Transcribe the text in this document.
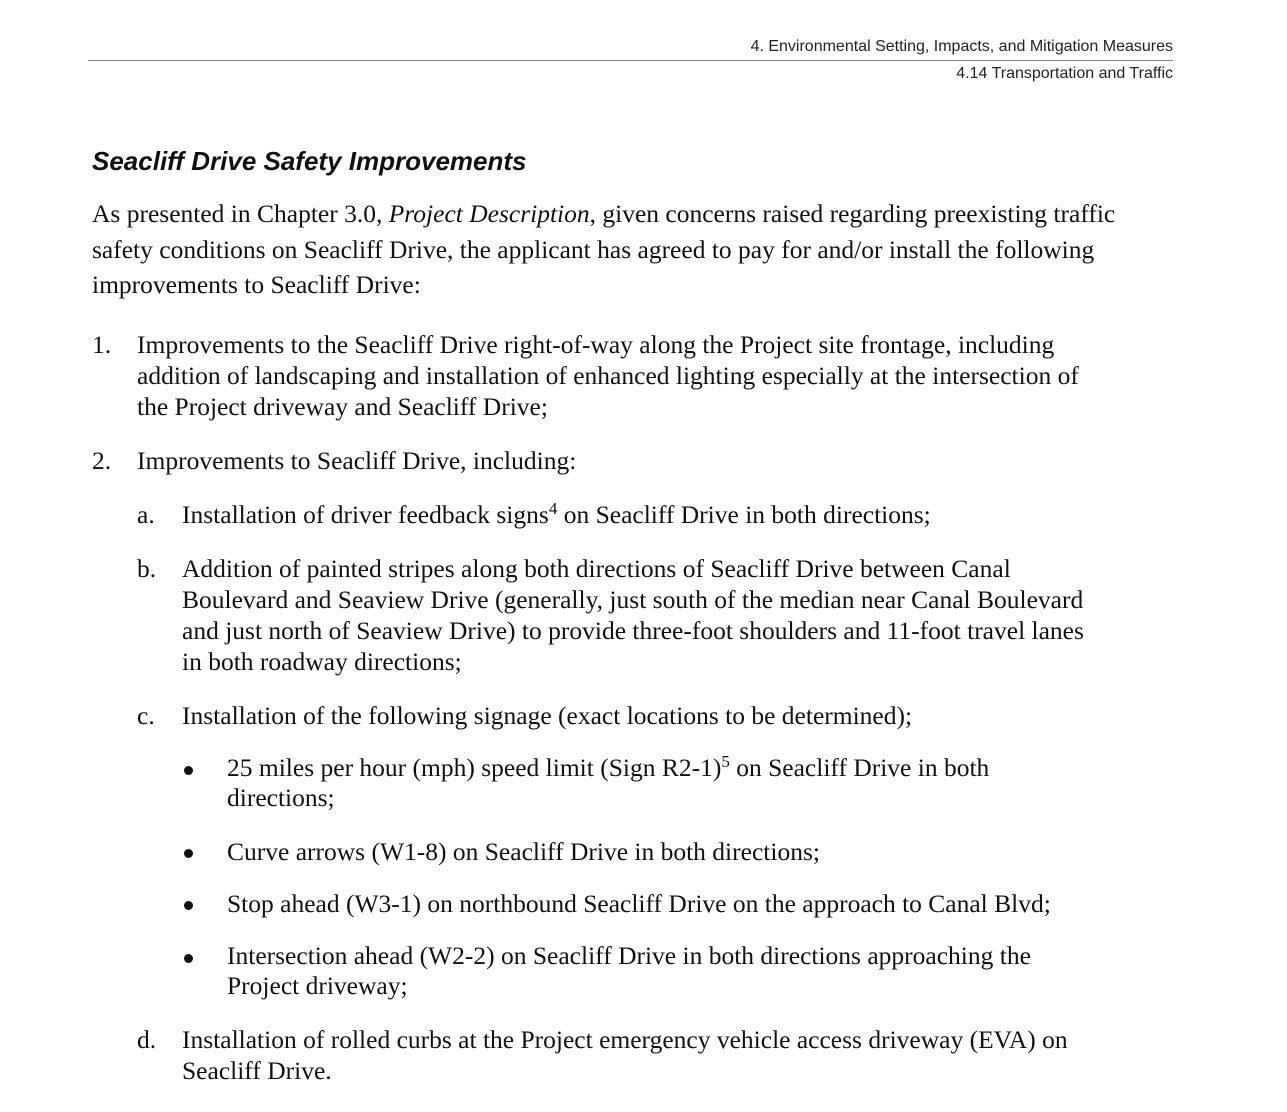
4. Environmental Setting, Impacts, and Mitigation Measures
4.14 Transportation and Traffic
Seacliff Drive Safety Improvements
As presented in Chapter 3.0, Project Description, given concerns raised regarding preexisting traffic safety conditions on Seacliff Drive, the applicant has agreed to pay for and/or install the following improvements to Seacliff Drive:
1. Improvements to the Seacliff Drive right-of-way along the Project site frontage, including
addition of landscaping and installation of enhanced lighting especially at the intersection of
the Project driveway and Seacliff Drive;
2. Improvements to Seacliff Drive, including:
a. Installation of driver feedback signs$^4$ on Seacliff Drive in both directions;
b. Addition of painted stripes along both directions of Seacliff Drive between Canal
Boulevard and Seaview Drive (generally, just south of the median near Canal Boulevard
and just north of Seaview Drive) to provide three-foot shoulders and 11-foot travel lanes
in both roadway directions;
c. Installation of the following signage (exact locations to be determined);
25 miles per hour (mph) speed limit (Sign R2-1)$^5$ on Seacliff Drive in both
directions;
Curve arrows (W1-8) on Seacliff Drive in both directions;
Stop ahead (W3-1) on northbound Seacliff Drive on the approach to Canal Blvd;
Intersection ahead (W2-2) on Seacliff Drive in both directions approaching the
Project driveway;
d. Installation of rolled curbs at the Project emergency vehicle access driveway (EVA) on
Seacliff Drive.
